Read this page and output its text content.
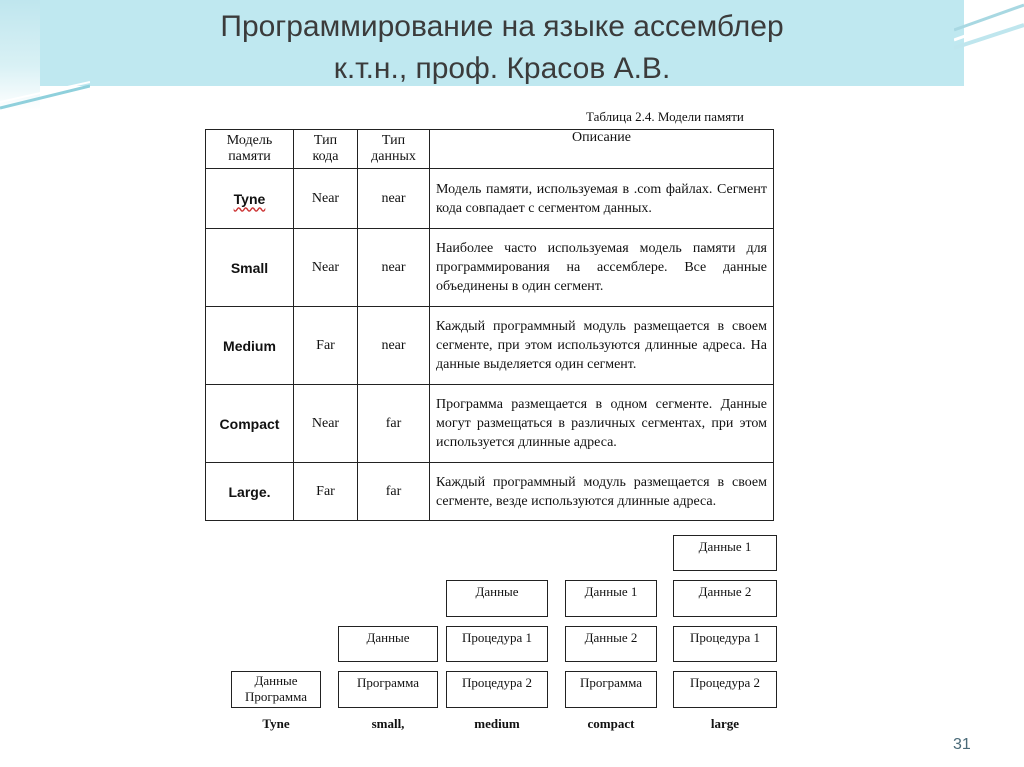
Программирование на языке ассемблер
к.т.н., проф. Красов А.В.
Таблица 2.4. Модели памяти
Модель памяти	Тип кода	Тип данных	Описание
Tyne	Near	near	Модель памяти, используемая в .com файлах. Сегмент кода совпадает с сегментом данных.
Small	Near	near	Наиболее часто используемая модель памяти для программирования на ассемблере. Все данные объединены в один сегмент.
Medium	Far	near	Каждый программный модуль размещается в своем сегменте, при этом используются длинные адреса. На данные выделяется один сегмент.
Compact	Near	far	Программа размещается в одном сегменте. Данные могут размещаться в различных сегментах, при этом используется длинные адреса.
Large.	Far	far	Каждый программный модуль размещается в своем сегменте, везде используются длинные адреса.
Данные
Программа
Данные
Программа
Данные
Процедура 1
Процедура 2
Данные 1
Данные 2
Программа
Данные 1
Данные 2
Процедура 1
Процедура 2
Tyne	small,	medium	compact	large
31
